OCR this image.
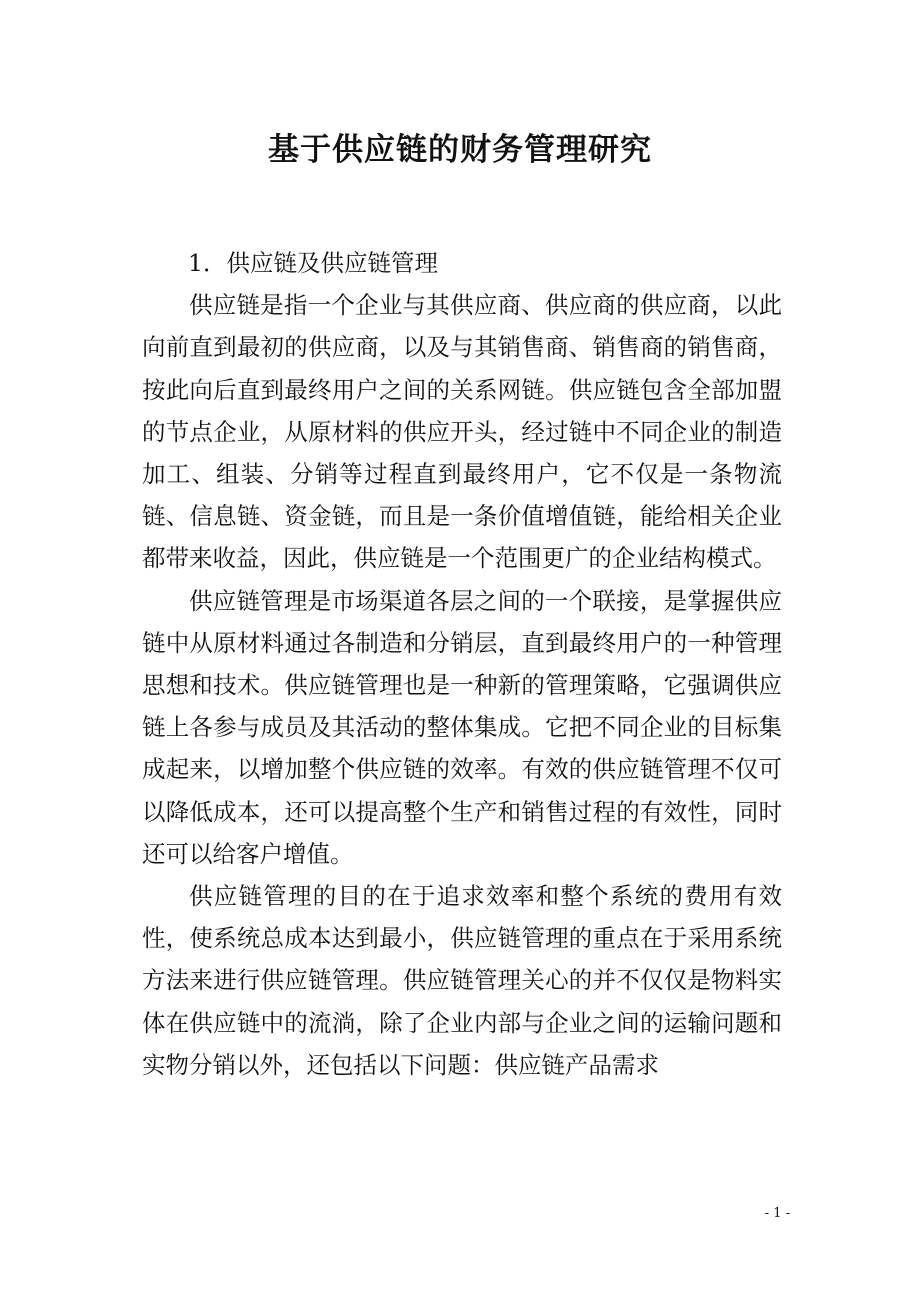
基于供应链的财务管理研究

1．供应链及供应链管理

供应链是指一个企业与其供应商、供应商的供应商，以此向前直到最初的供应商，以及与其销售商、销售商的销售商，按此向后直到最终用户之间的关系网链。供应链包含全部加盟的节点企业，从原材料的供应开头，经过链中不同企业的制造加工、组装、分销等过程直到最终用户，它不仅是一条物流链、信息链、资金链，而且是一条价值增值链，能给相关企业都带来收益，因此，供应链是一个范围更广的企业结构模式。

供应链管理是市场渠道各层之间的一个联接，是掌握供应链中从原材料通过各制造和分销层，直到最终用户的一种管理思想和技术。供应链管理也是一种新的管理策略，它强调供应链上各参与成员及其活动的整体集成。它把不同企业的目标集成起来，以增加整个供应链的效率。有效的供应链管理不仅可以降低成本，还可以提高整个生产和销售过程的有效性，同时还可以给客户增值。

供应链管理的目的在于追求效率和整个系统的费用有效性，使系统总成本达到最小，供应链管理的重点在于采用系统方法来进行供应链管理。供应链管理关心的并不仅仅是物料实体在供应链中的流淌，除了企业内部与企业之间的运输问题和实物分销以外，还包括以下问题：供应链产品需求

- 1 -
